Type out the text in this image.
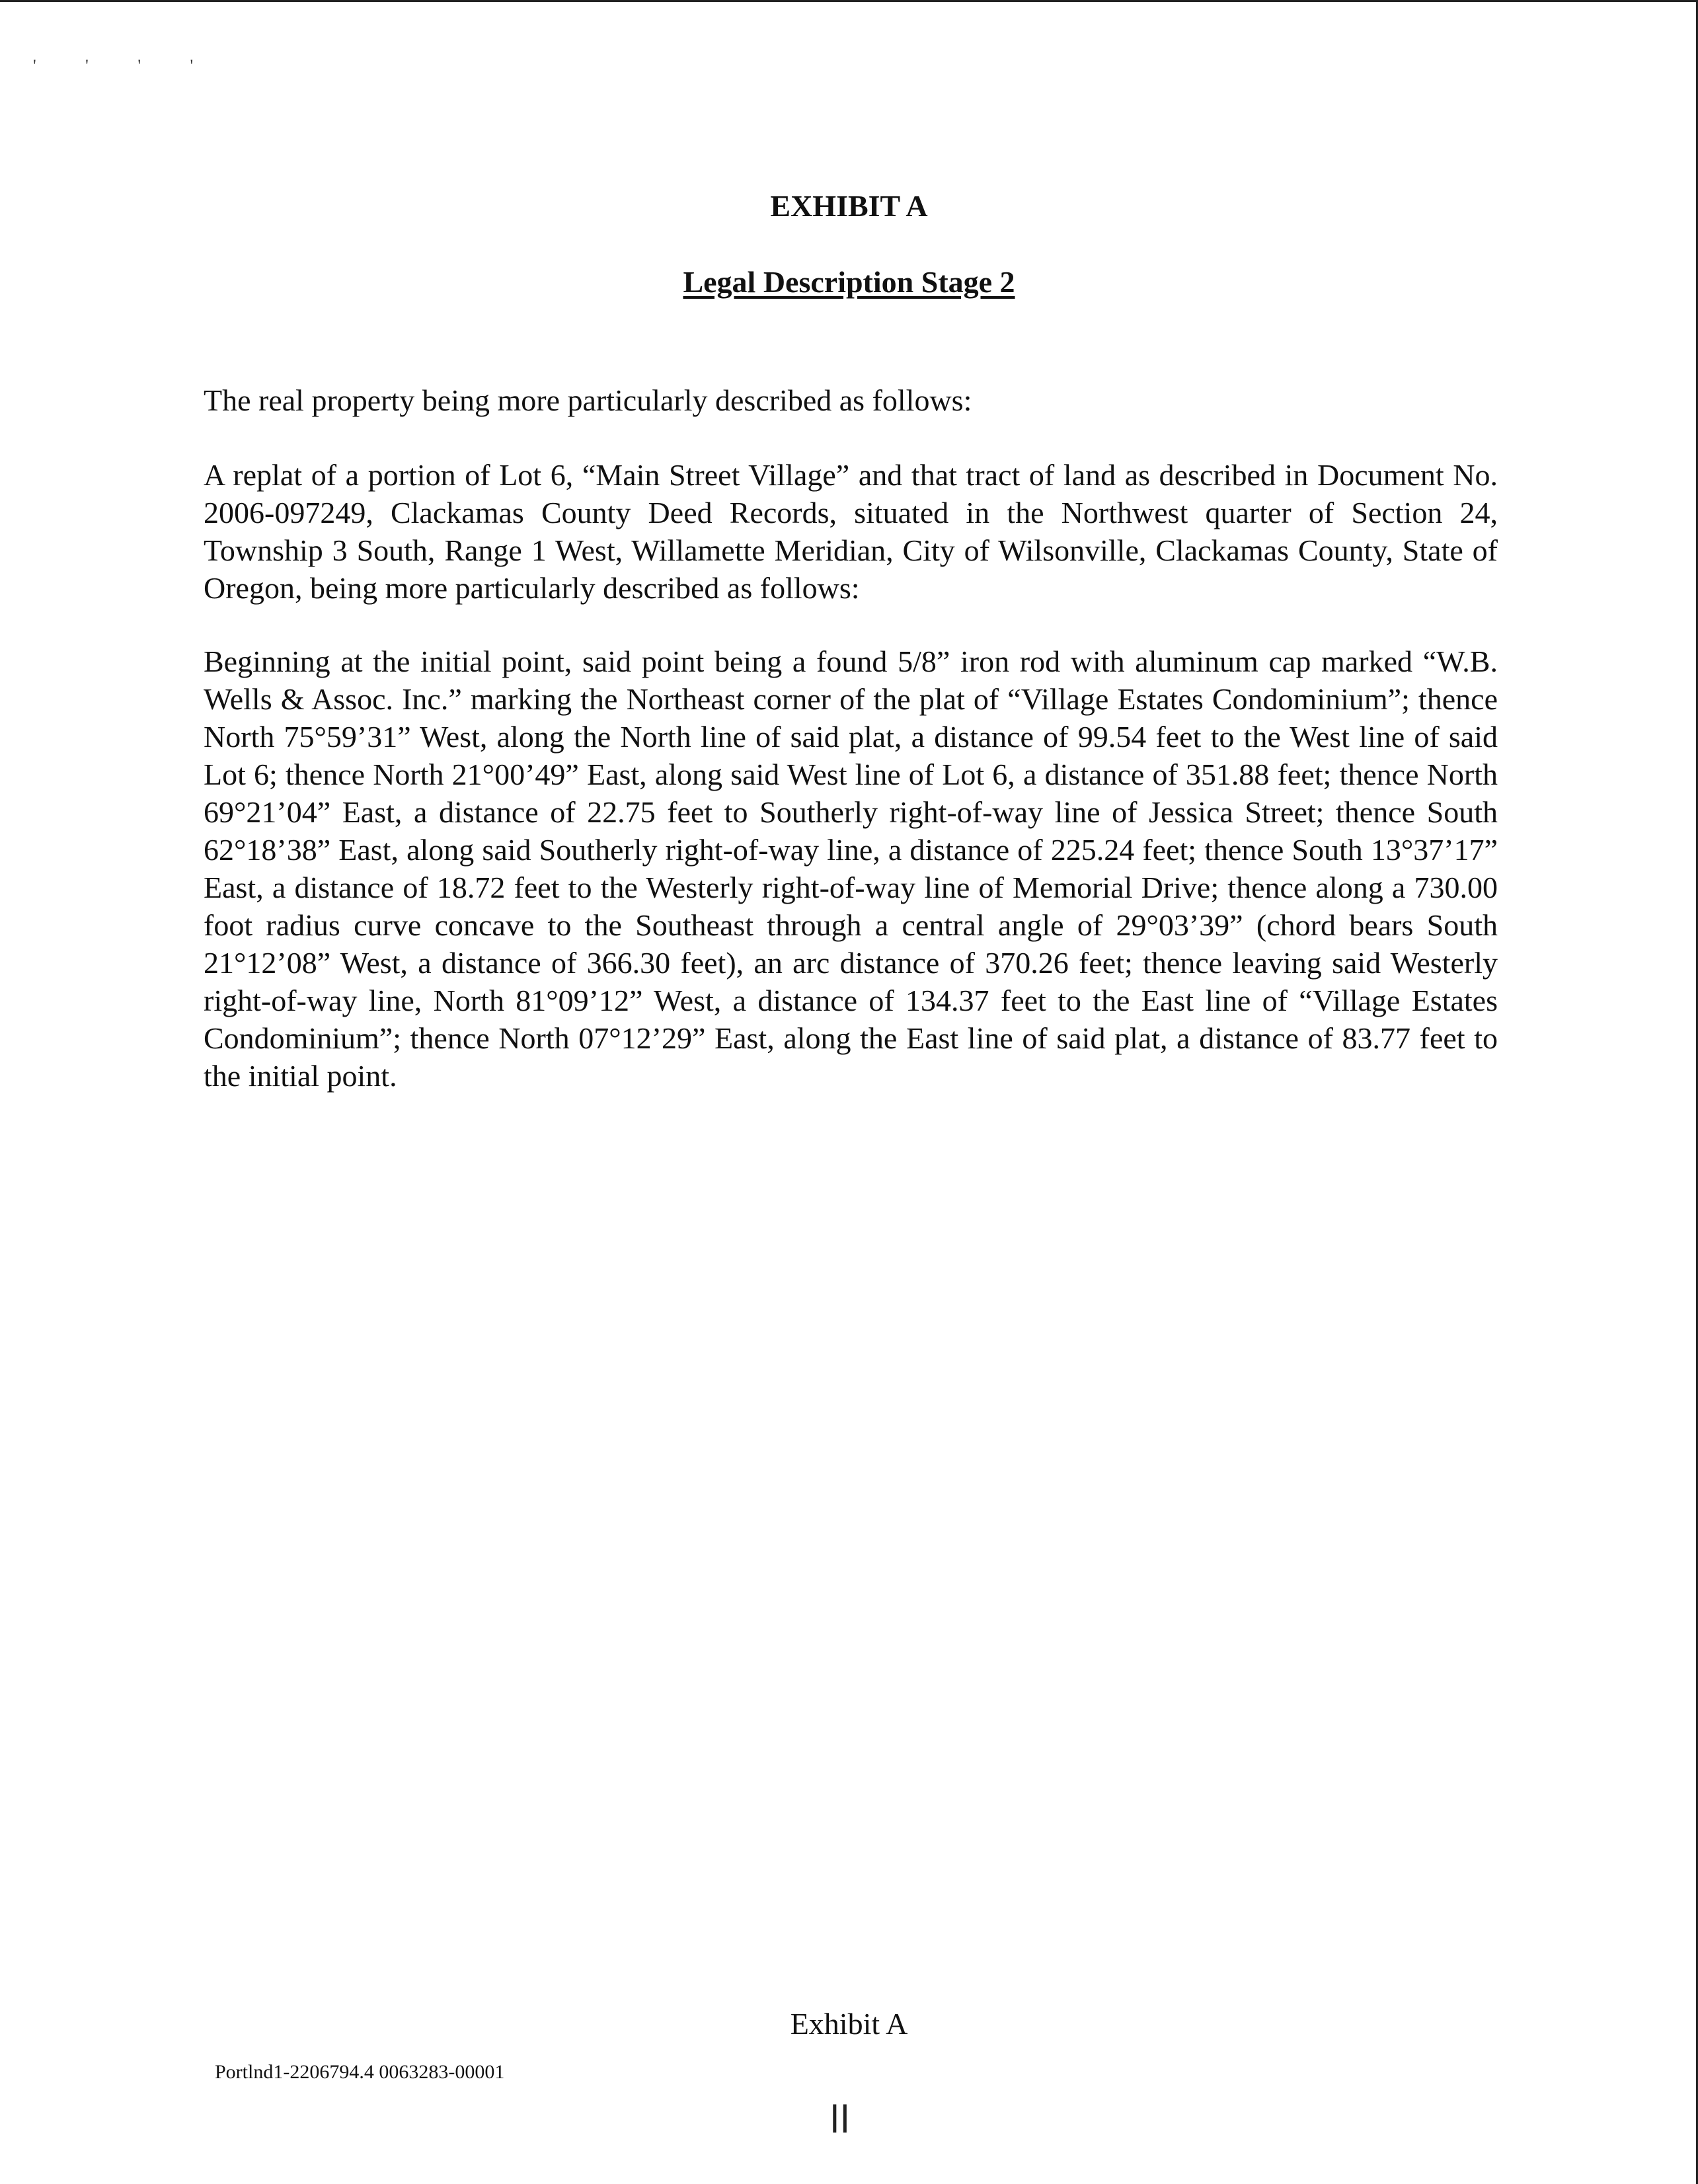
' ' ' '
EXHIBIT A
Legal Description Stage 2

The real property being more particularly described as follows:

A replat of a portion of Lot 6, “Main Street Village” and that tract of land as described in Document No. 2006-097249, Clackamas County Deed Records, situated in the Northwest quarter of Section 24, Township 3 South, Range 1 West, Willamette Meridian, City of Wilsonville, Clackamas County, State of Oregon, being more particularly described as follows:

Beginning at the initial point, said point being a found 5/8” iron rod with aluminum cap marked “W.B. Wells & Assoc. Inc.” marking the Northeast corner of the plat of “Village Estates Condominium”; thence North 75°59’31” West, along the North line of said plat, a distance of 99.54 feet to the West line of said Lot 6; thence North 21°00’49” East, along said West line of Lot 6, a distance of 351.88 feet; thence North 69°21’04” East, a distance of 22.75 feet to Southerly right-of-way line of Jessica Street; thence South 62°18’38” East, along said Southerly right-of-way line, a distance of 225.24 feet; thence South 13°37’17” East, a distance of 18.72 feet to the Westerly right-of-way line of Memorial Drive; thence along a 730.00 foot radius curve concave to the Southeast through a central angle of 29°03’39” (chord bears South 21°12’08” West, a distance of 366.30 feet), an arc distance of 370.26 feet; thence leaving said Westerly right-of-way line, North 81°09’12” West, a distance of 134.37 feet to the East line of “Village Estates Condominium”; thence North 07°12’29” East, along the East line of said plat, a distance of 83.77 feet to the initial point.

Exhibit A
Portlnd1-2206794.4 0063283-00001
ll
